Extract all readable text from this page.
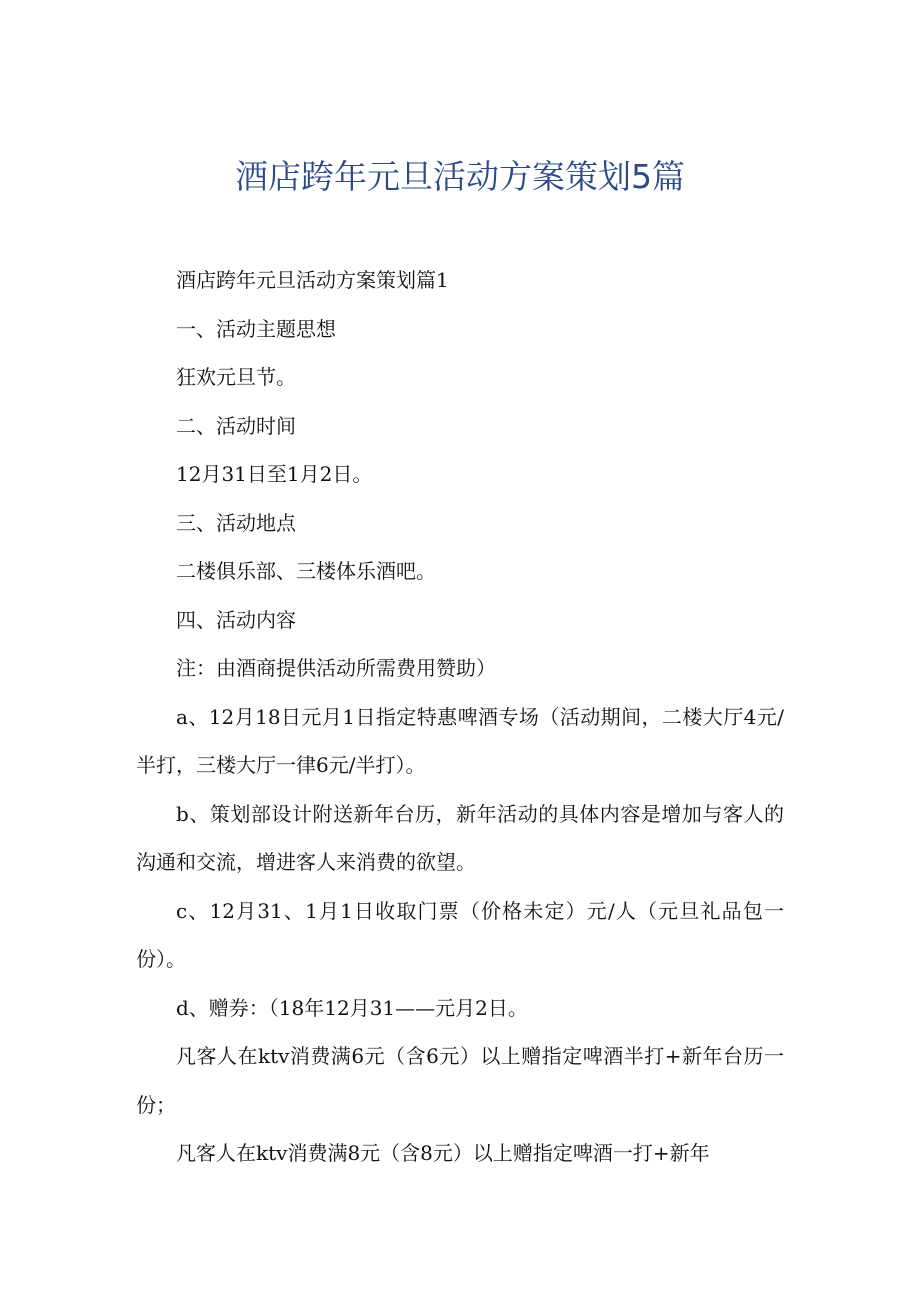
酒店跨年元旦活动方案策划5篇

酒店跨年元旦活动方案策划篇1

一、活动主题思想

狂欢元旦节。

二、活动时间

12月31日至1月2日。

三、活动地点

二楼俱乐部、三楼体乐酒吧。

四、活动内容

注：由酒商提供活动所需费用赞助）

a、12月18日元月1日指定特惠啤酒专场（活动期间，二楼大厅4元/半打，三楼大厅一律6元/半打）。

b、策划部设计附送新年台历，新年活动的具体内容是增加与客人的沟通和交流，增进客人来消费的欲望。

c、12月31、1月1日收取门票（价格未定）元/人（元旦礼品包一份）。

d、赠券：（18年12月31——元月2日。

凡客人在ktv消费满6元（含6元）以上赠指定啤酒半打+新年台历一份；

凡客人在ktv消费满8元（含8元）以上赠指定啤酒一打+新年
